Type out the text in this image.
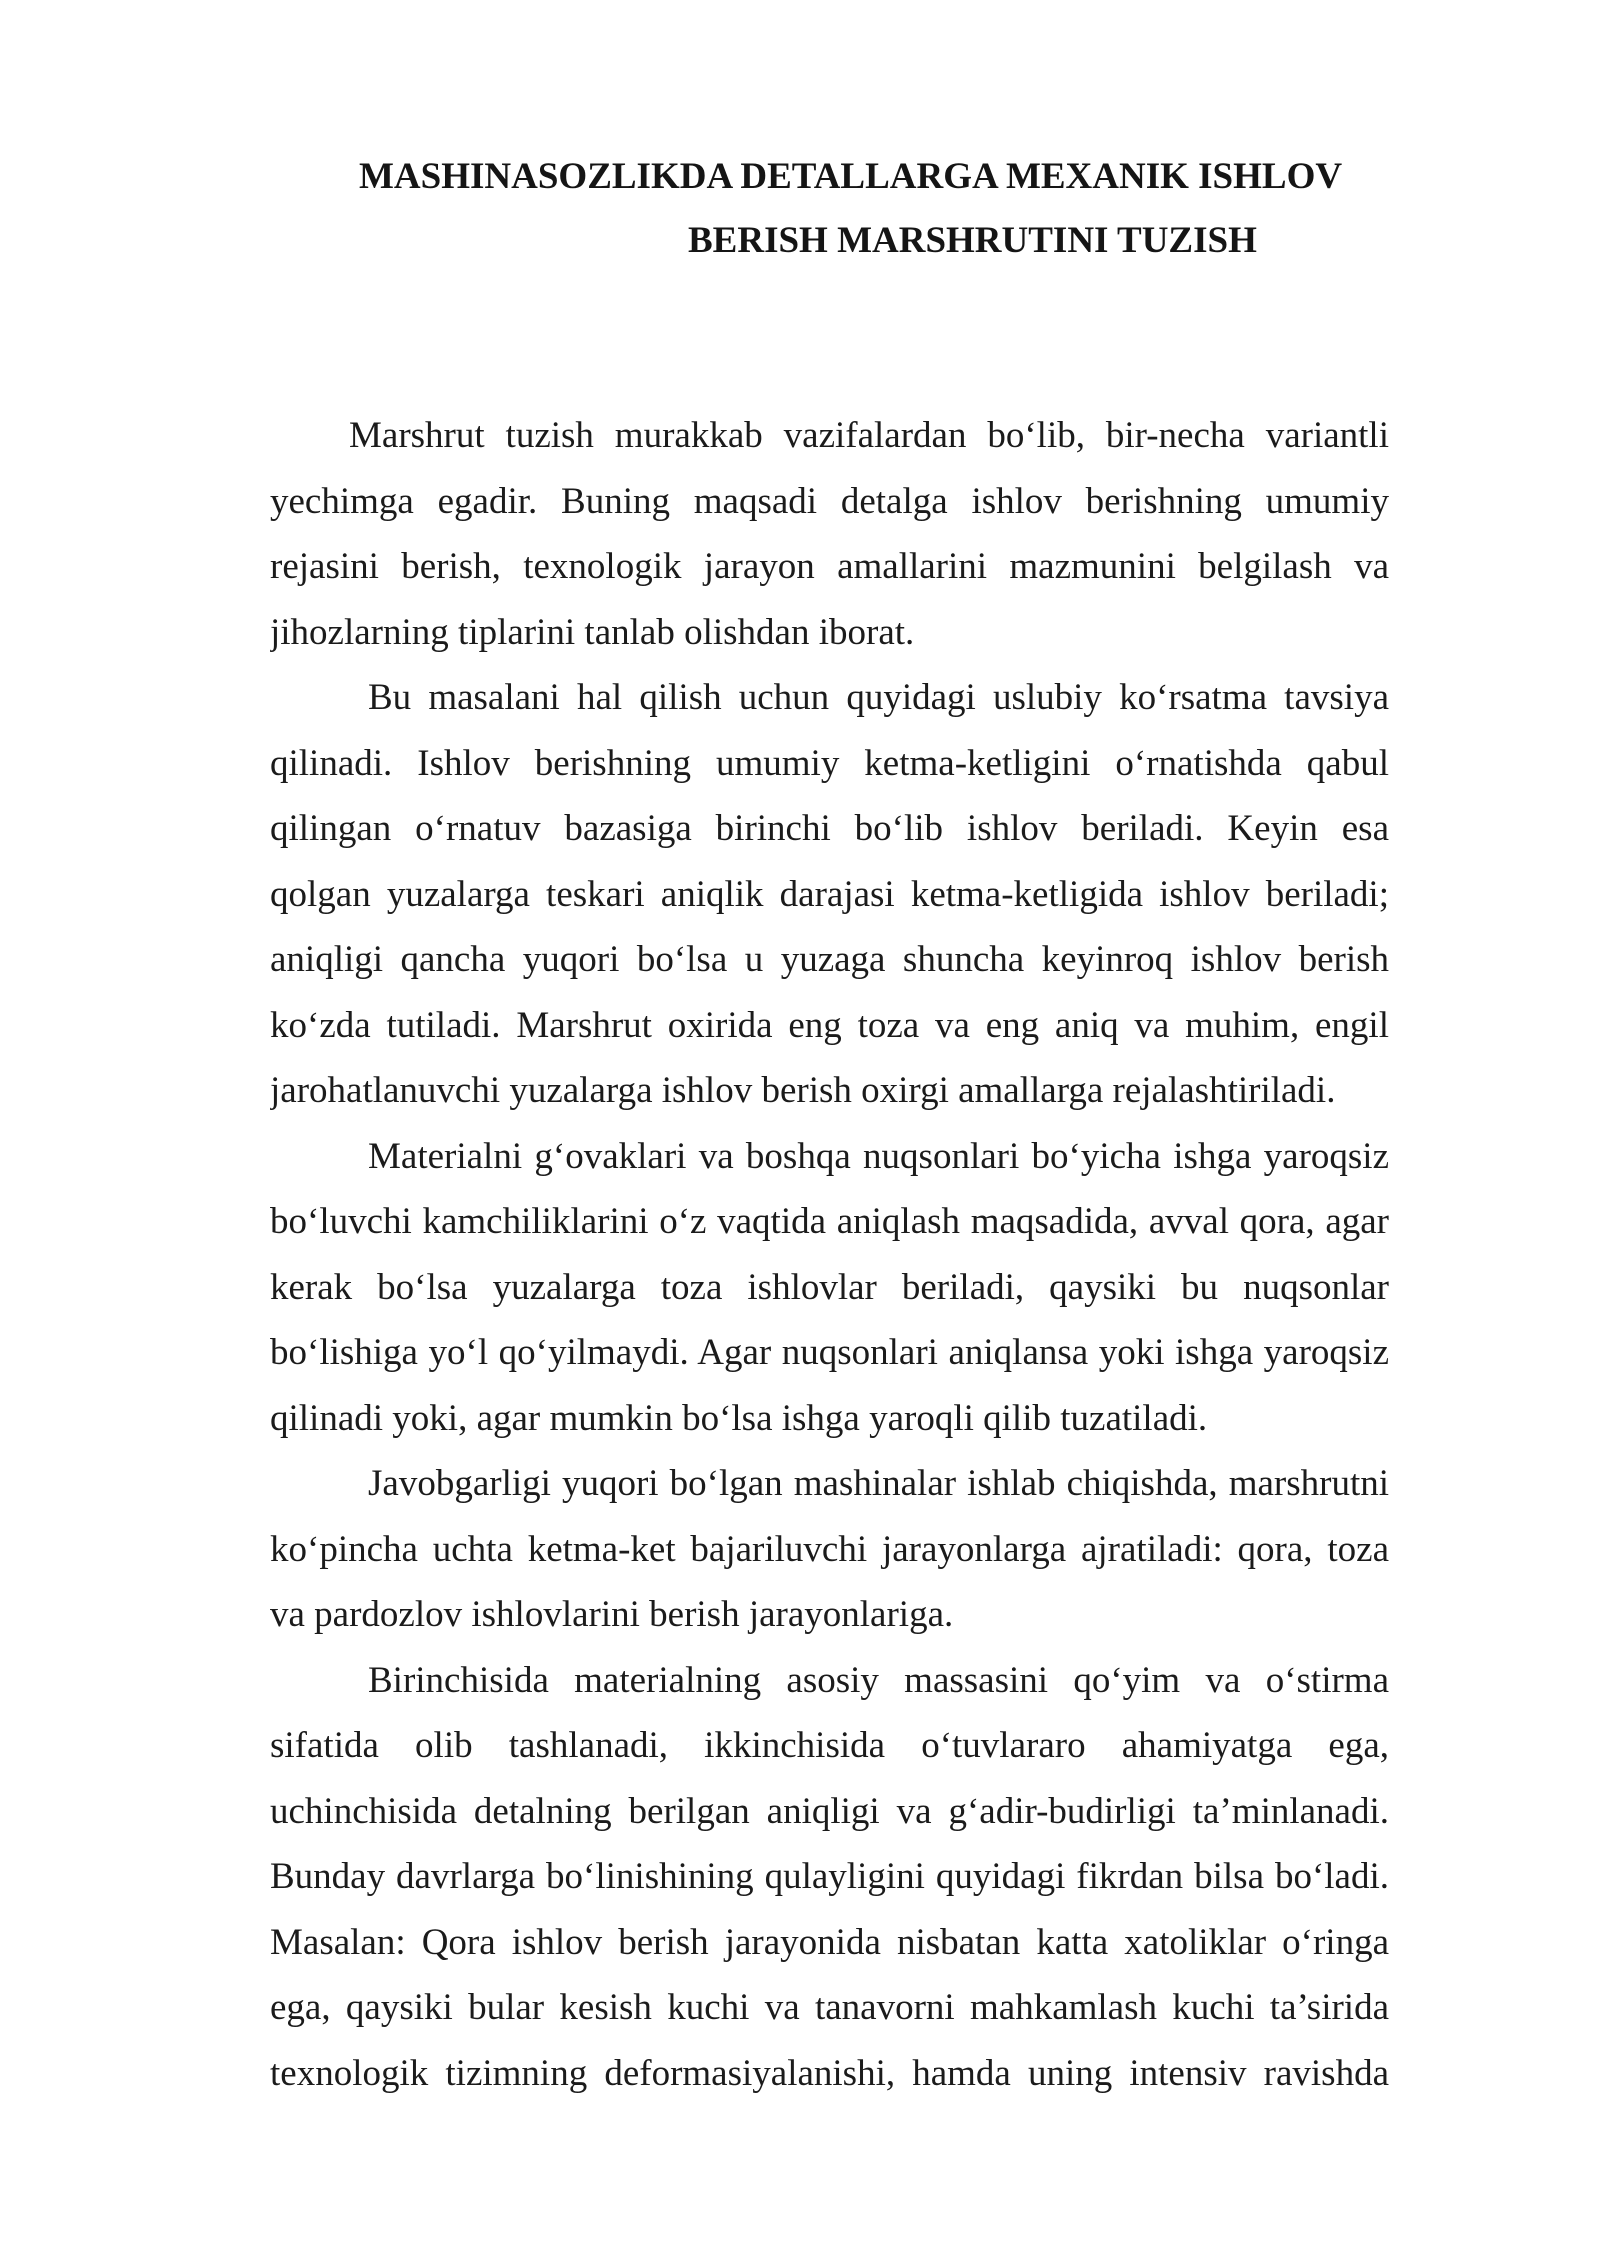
MASHINASOZLIKDA DETALLARGA MEXANIK ISHLOV
BERISH MARSHRUTINI TUZISH
Marshrut tuzish murakkab vazifalardan bo‘lib, bir-necha variantli
yechimga egadir. Buning maqsadi detalga ishlov berishning umumiy
rejasini berish, texnologik jarayon amallarini mazmunini belgilash va
jihozlarning tiplarini tanlab olishdan iborat.
Bu masalani hal qilish uchun quyidagi uslubiy ko‘rsatma tavsiya
qilinadi. Ishlov berishning umumiy ketma-ketligini o‘rnatishda qabul
qilingan o‘rnatuv bazasiga birinchi bo‘lib ishlov beriladi. Keyin esa
qolgan yuzalarga teskari aniqlik darajasi ketma-ketligida ishlov beriladi;
aniqligi qancha yuqori bo‘lsa u yuzaga shuncha keyinroq ishlov berish
ko‘zda tutiladi. Marshrut oxirida eng toza va eng aniq va muhim, engil
jarohatlanuvchi yuzalarga ishlov berish oxirgi amallarga rejalashtiriladi.
Materialni g‘ovaklari va boshqa nuqsonlari bo‘yicha ishga yaroqsiz
bo‘luvchi kamchiliklarini o‘z vaqtida aniqlash maqsadida, avval qora, agar
kerak bo‘lsa yuzalarga toza ishlovlar beriladi, qaysiki bu nuqsonlar
bo‘lishiga yo‘l qo‘yilmaydi. Agar nuqsonlari aniqlansa yoki ishga yaroqsiz
qilinadi yoki, agar mumkin bo‘lsa ishga yaroqli qilib tuzatiladi.
Javobgarligi yuqori bo‘lgan mashinalar ishlab chiqishda, marshrutni
ko‘pincha uchta ketma-ket bajariluvchi jarayonlarga ajratiladi: qora, toza
va pardozlov ishlovlarini berish jarayonlariga.
Birinchisida materialning asosiy massasini qo‘yim va o‘stirma
sifatida olib tashlanadi, ikkinchisida o‘tuvlararo ahamiyatga ega,
uchinchisida detalning berilgan aniqligi va g‘adir-budirligi ta’minlanadi.
Bunday davrlarga bo‘linishining qulayligini quyidagi fikrdan bilsa bo‘ladi.
Masalan: Qora ishlov berish jarayonida nisbatan katta xatoliklar o‘ringa
ega, qaysiki bular kesish kuchi va tanavorni mahkamlash kuchi ta’sirida
texnologik tizimning deformasiyalanishi, hamda uning intensiv ravishda
